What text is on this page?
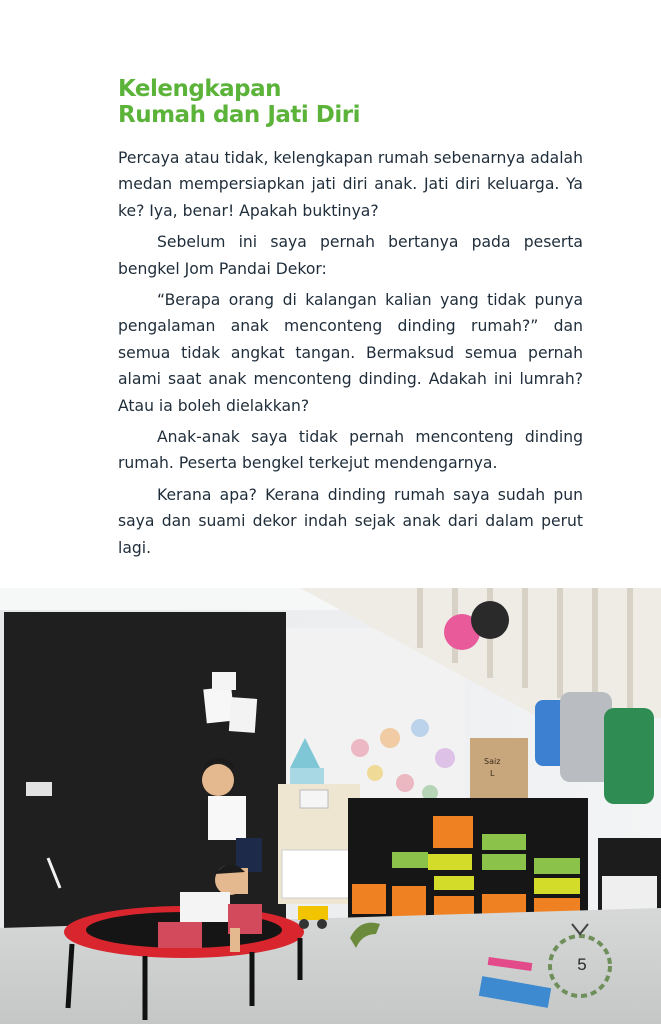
Kelengkapan
Rumah dan Jati Diri

Percaya atau tidak, kelengkapan rumah sebenarnya adalah medan mempersiapkan jati diri anak. Jati diri keluarga. Ya ke? Iya, benar! Apakah buktinya?

Sebelum ini saya pernah bertanya pada peserta bengkel Jom Pandai Dekor:

“Berapa orang di kalangan kalian yang tidak punya pengalaman anak menconteng dinding rumah?” dan semua tidak angkat tangan. Bermaksud semua pernah alami saat anak menconteng dinding. Adakah ini lumrah? Atau ia boleh dielakkan?

Anak-anak saya tidak pernah menconteng dinding rumah. Peserta bengkel terkejut mendengarnya.

Kerana apa? Kerana dinding rumah saya sudah pun saya dan suami dekor indah sejak anak dari dalam perut lagi.

Saiz
L
5
